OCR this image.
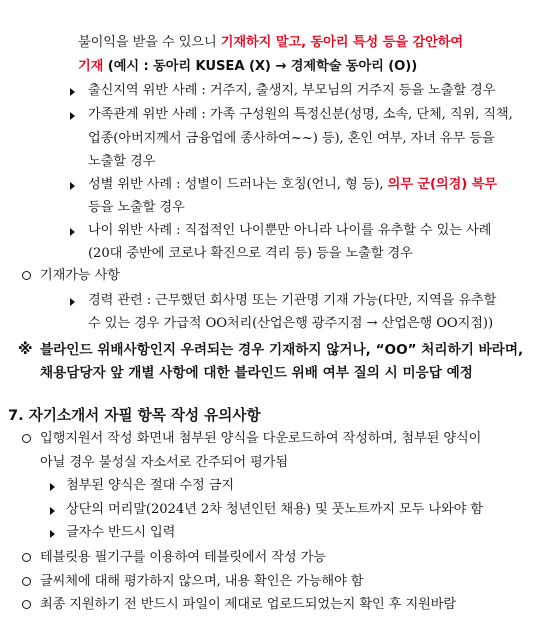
불이익을 받을 수 있으니 기재하지 말고, 동아리 특성 등을 감안하여
기재 (예시 : 동아리 KUSEA (X) → 경제학술 동아리 (O))
출신지역 위반 사례 : 거주지, 출생지, 부모님의 거주지 등을 노출할 경우
가족관계 위반 사례 : 가족 구성원의 특정신분(성명, 소속, 단체, 직위, 직책,
업종(아버지께서 금융업에 종사하여~~) 등), 혼인 여부, 자녀 유무 등을
노출할 경우
성별 위반 사례 : 성별이 드러나는 호칭(언니, 형 등), 의무 군(의경) 복무
등을 노출할 경우
나이 위반 사례 : 직접적인 나이뿐만 아니라 나이를 유추할 수 있는 사례
(20대 중반에 코로나 확진으로 격리 등) 등을 노출할 경우
기재가능 사항
경력 관련 : 근무했던 회사명 또는 기관명 기재 가능(다만, 지역을 유추할
수 있는 경우 가급적 OO처리(산업은행 광주지점 → 산업은행 OO지점))
※ 블라인드 위배사항인지 우려되는 경우 기재하지 않거나, “OO” 처리하기 바라며,
채용담당자 앞 개별 사항에 대한 블라인드 위배 여부 질의 시 미응답 예정
7. 자기소개서 자필 항목 작성 유의사항
입행지원서 작성 화면내 첨부된 양식을 다운로드하여 작성하며, 첨부된 양식이
아닐 경우 불성실 자소서로 간주되어 평가됨
첨부된 양식은 절대 수정 금지
상단의 머리말(2024년 2차 청년인턴 채용) 및 풋노트까지 모두 나와야 함
글자수 반드시 입력
테블릿용 필기구를 이용하여 테블릿에서 작성 가능
글씨체에 대해 평가하지 않으며, 내용 확인은 가능해야 함
최종 지원하기 전 반드시 파일이 제대로 업로드되었는지 확인 후 지원바람
